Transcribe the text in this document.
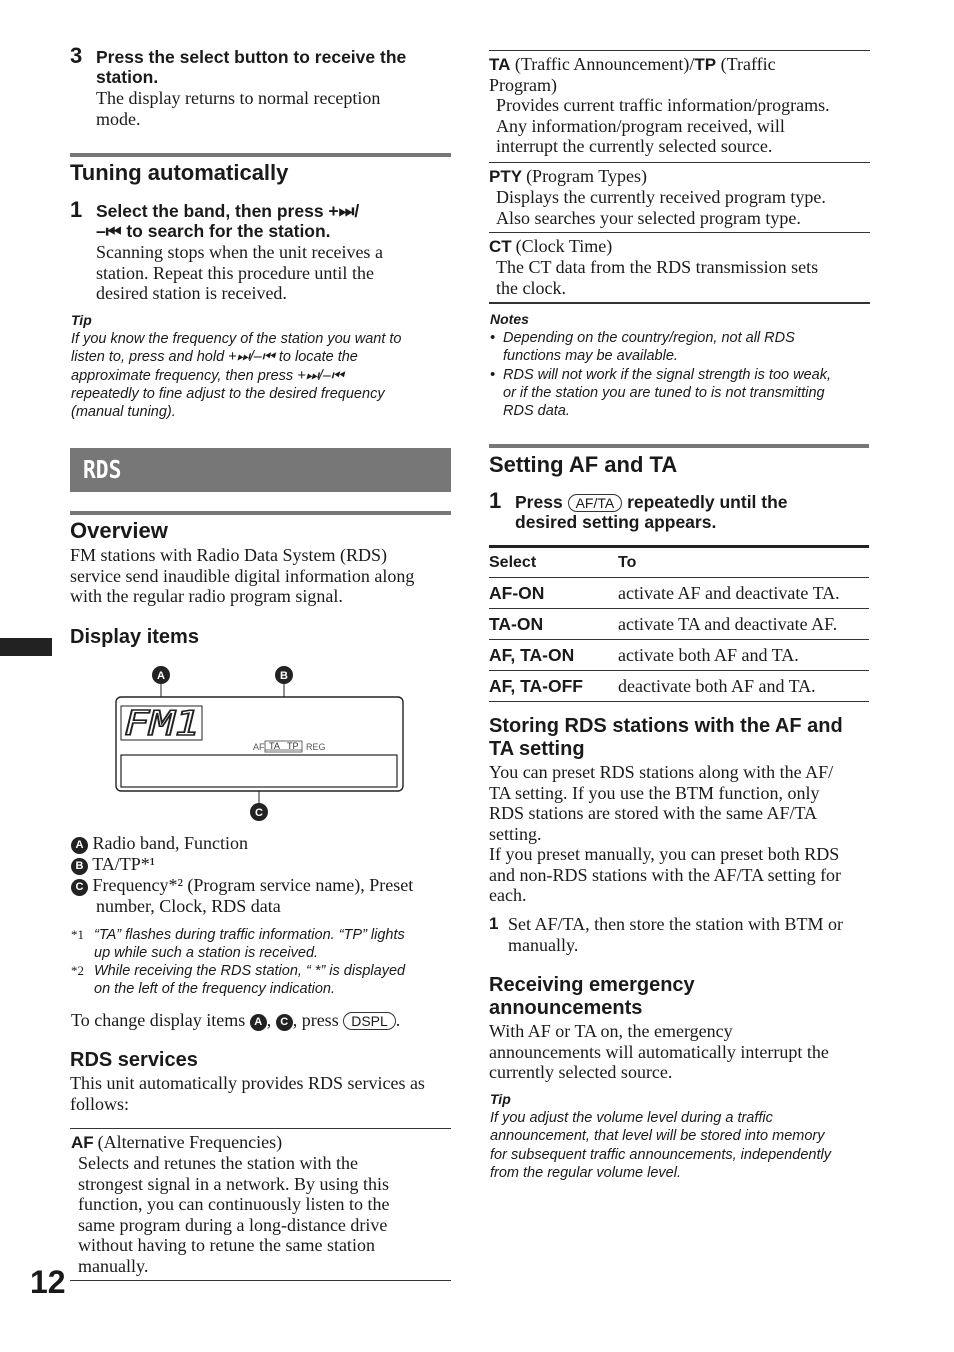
3 Press the select button to receive the
station.
The display returns to normal reception
mode.
Tuning automatically
1 Select the band, then press +⏭/
–⏮ to search for the station.
Scanning stops when the unit receives a
station. Repeat this procedure until the
desired station is received.
Tip
If you know the frequency of the station you want to
listen to, press and hold +⏭/–⏮ to locate the
approximate frequency, then press +⏭/–⏮
repeatedly to fine adjust to the desired frequency
(manual tuning).
RDS
Overview
FM stations with Radio Data System (RDS)
service send inaudible digital information along
with the regular radio program signal.
Display items
FM1
AF TA TP REG
A	B
C
A Radio band, Function
B TA/TP*¹
C Frequency*² (Program service name), Preset
number, Clock, RDS data
*1 “TA” flashes during traffic information. “TP” lights
up while such a station is received.
*2 While receiving the RDS station, “ *” is displayed
on the left of the frequency indication.
To change display items A , C , press DSPL .
RDS services
This unit automatically provides RDS services as
follows:
AF (Alternative Frequencies)
Selects and retunes the station with the
strongest signal in a network. By using this
function, you can continuously listen to the
same program during a long-distance drive
without having to retune the same station
manually.
12
TA (Traffic Announcement)/TP (Traffic
Program)
Provides current traffic information/programs.
Any information/program received, will
interrupt the currently selected source.
PTY (Program Types)
Displays the currently received program type.
Also searches your selected program type.
CT (Clock Time)
The CT data from the RDS transmission sets
the clock.
Notes
• Depending on the country/region, not all RDS
functions may be available.
• RDS will not work if the signal strength is too weak,
or if the station you are tuned to is not transmitting
RDS data.
Setting AF and TA
1 Press AF/TA repeatedly until the
desired setting appears.
Select	To
AF-ON	activate AF and deactivate TA.
TA-ON	activate TA and deactivate AF.
AF, TA-ON	activate both AF and TA.
AF, TA-OFF	deactivate both AF and TA.
Storing RDS stations with the AF and
TA setting
You can preset RDS stations along with the AF/
TA setting. If you use the BTM function, only
RDS stations are stored with the same AF/TA
setting.
If you preset manually, you can preset both RDS
and non-RDS stations with the AF/TA setting for
each.
1 Set AF/TA, then store the station with BTM or
manually.
Receiving emergency
announcements
With AF or TA on, the emergency
announcements will automatically interrupt the
currently selected source.
Tip
If you adjust the volume level during a traffic
announcement, that level will be stored into memory
for subsequent traffic announcements, independently
from the regular volume level.
